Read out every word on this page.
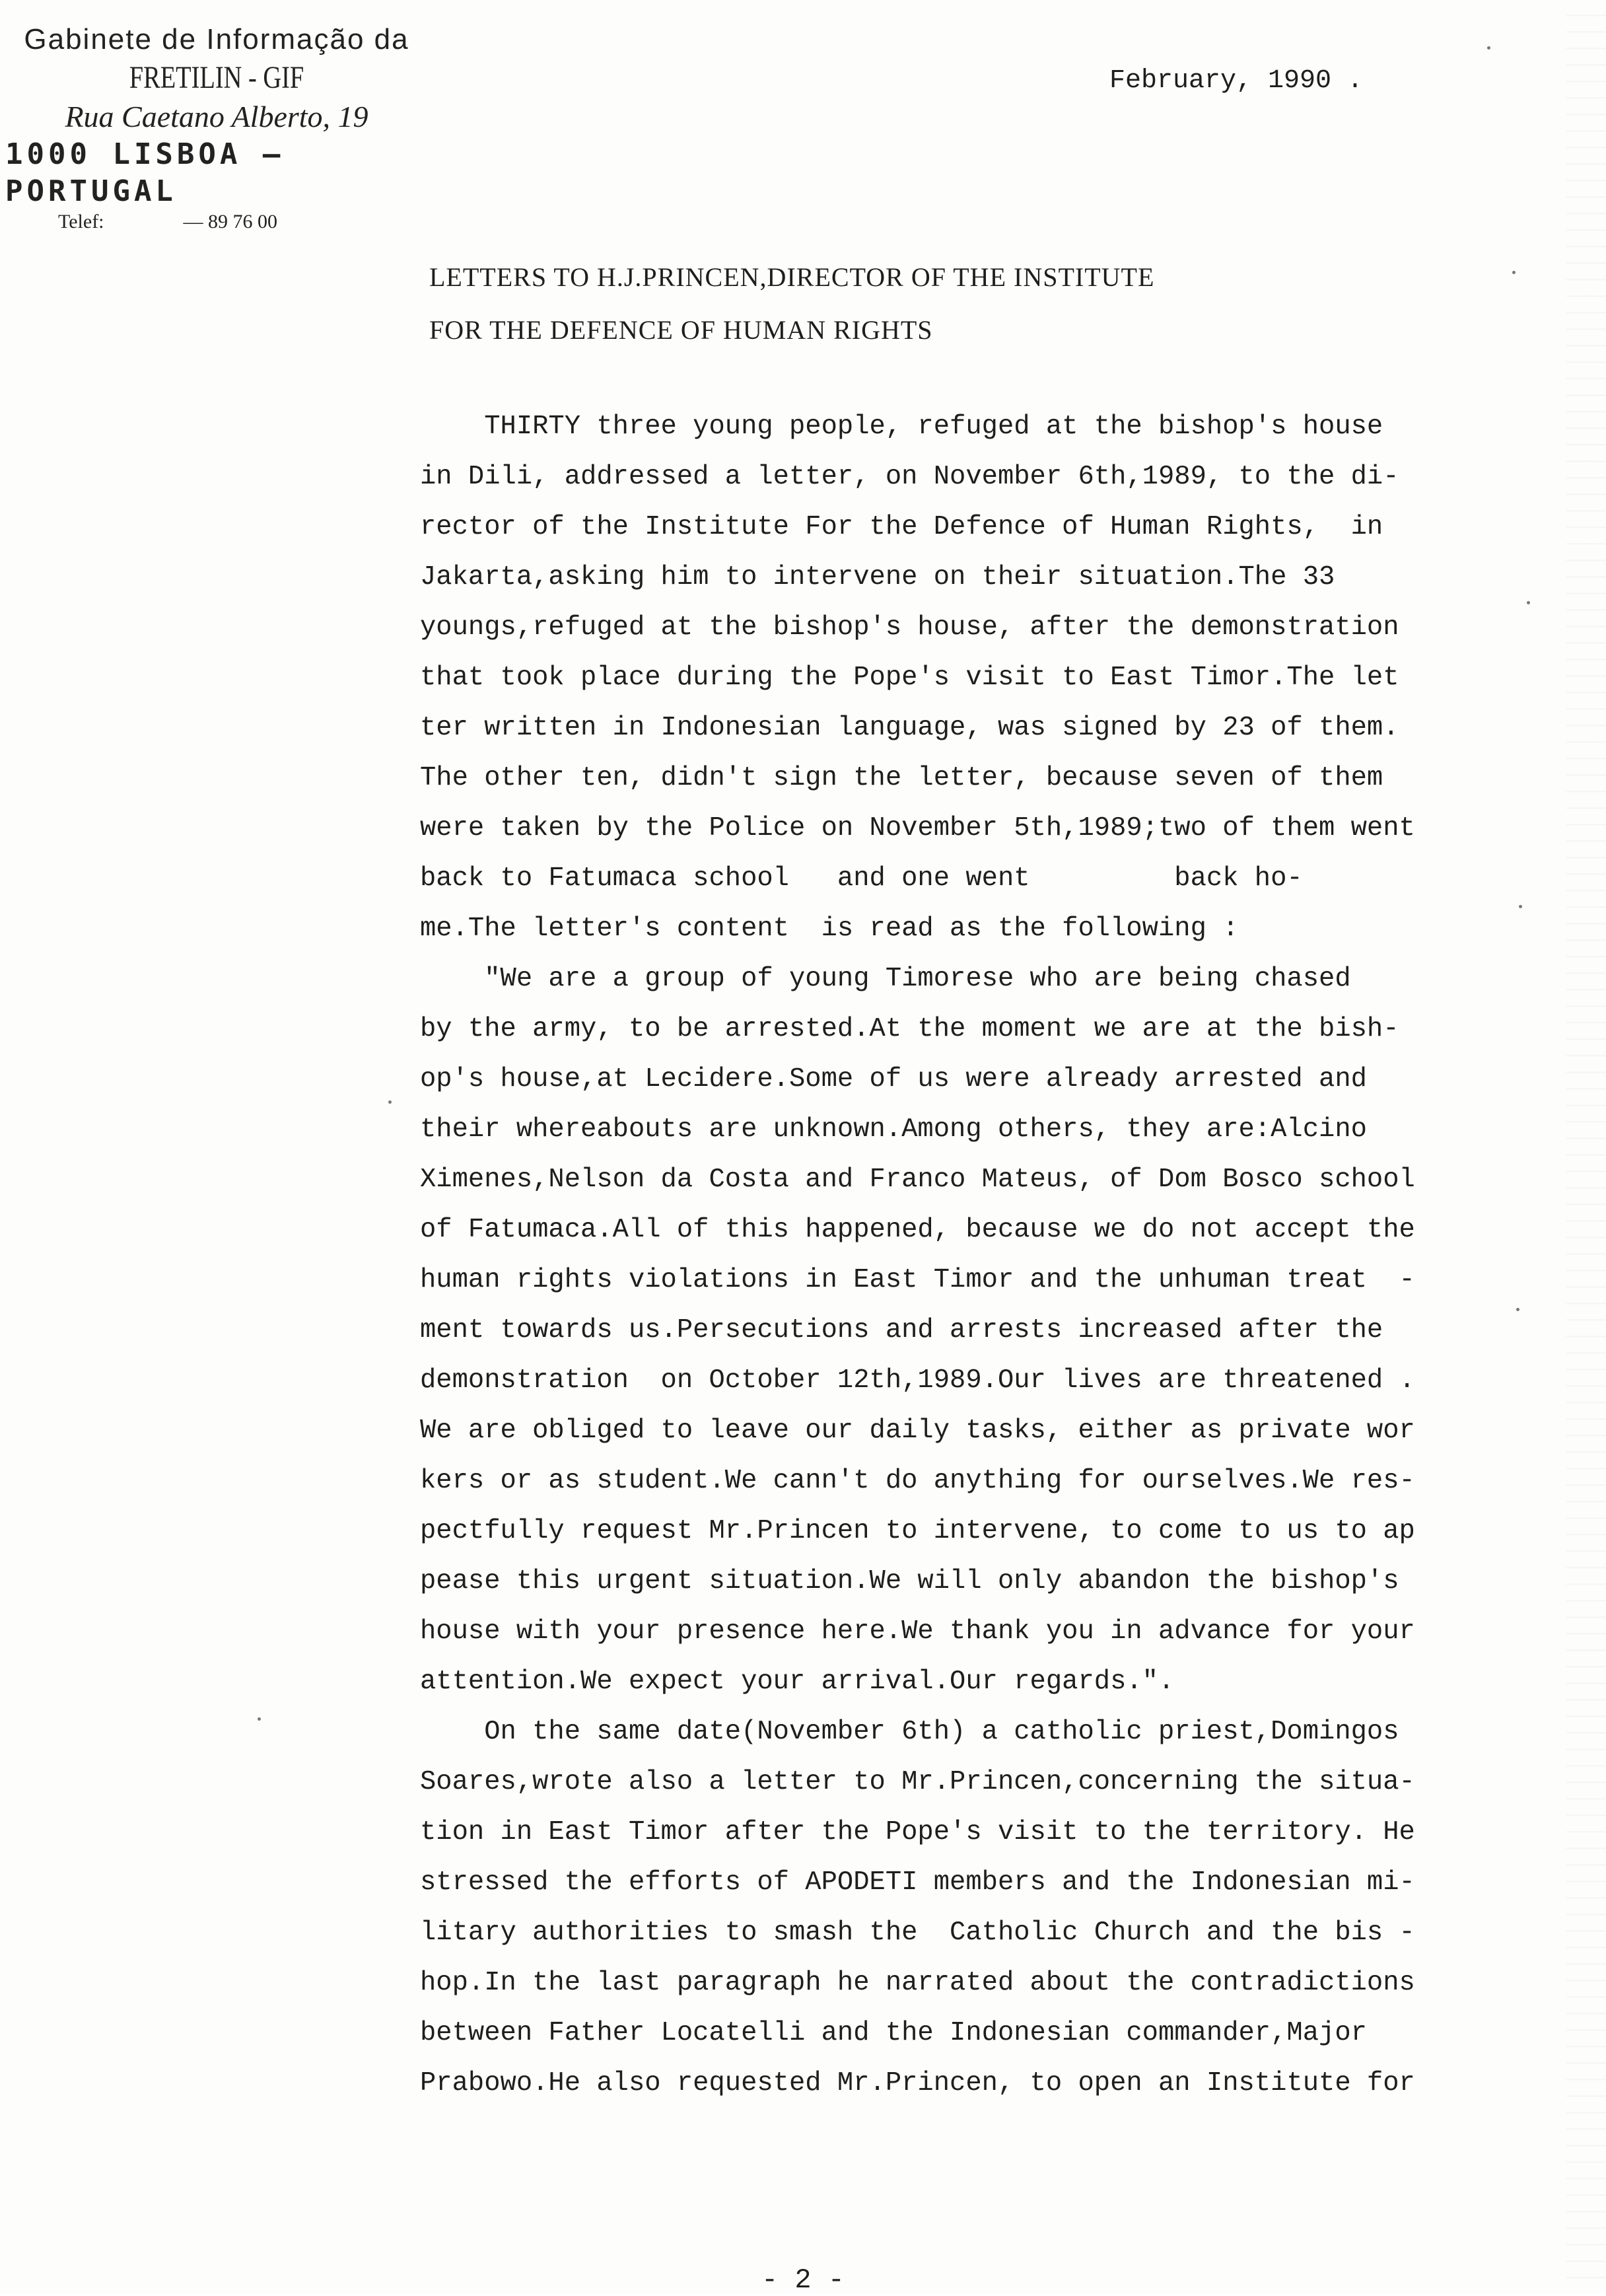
Gabinete de Informação da
FRETILIN - GIF
Rua Caetano Alberto, 19
1000 LISBOA — PORTUGAL
Telef:	— 89 76 00
February, 1990 .
LETTERS TO H.J.PRINCEN,DIRECTOR OF THE INSTITUTE
FOR THE DEFENCE OF HUMAN RIGHTS
THIRTY three young people, refuged at the bishop's house
in Dili, addressed a letter, on November 6th,1989, to the di-
rector of the Institute For the Defence of Human Rights,  in
Jakarta,asking him to intervene on their situation.The 33
youngs,refuged at the bishop's house, after the demonstration
that took place during the Pope's visit to East Timor.The let
ter written in Indonesian language, was signed by 23 of them.
The other ten, didn't sign the letter, because seven of them
were taken by the Police on November 5th,1989;two of them went
back to Fatumaca school   and one went         back ho-
me.The letter's content  is read as the following :
"We are a group of young Timorese who are being chased
by the army, to be arrested.At the moment we are at the bish-
op's house,at Lecidere.Some of us were already arrested and
their whereabouts are unknown.Among others, they are:Alcino
Ximenes,Nelson da Costa and Franco Mateus, of Dom Bosco school
of Fatumaca.All of this happened, because we do not accept the
human rights violations in East Timor and the unhuman treat  -
ment towards us.Persecutions and arrests increased after the
demonstration  on October 12th,1989.Our lives are threatened .
We are obliged to leave our daily tasks, either as private wor
kers or as student.We cann't do anything for ourselves.We res-
pectfully request Mr.Princen to intervene, to come to us to ap
pease this urgent situation.We will only abandon the bishop's
house with your presence here.We thank you in advance for your
attention.We expect your arrival.Our regards.".
On the same date(November 6th) a catholic priest,Domingos
Soares,wrote also a letter to Mr.Princen,concerning the situa-
tion in East Timor after the Pope's visit to the territory. He
stressed the efforts of APODETI members and the Indonesian mi-
litary authorities to smash the  Catholic Church and the bis -
hop.In the last paragraph he narrated about the contradictions
between Father Locatelli and the Indonesian commander,Major
Prabowo.He also requested Mr.Princen, to open an Institute for
- 2 -
